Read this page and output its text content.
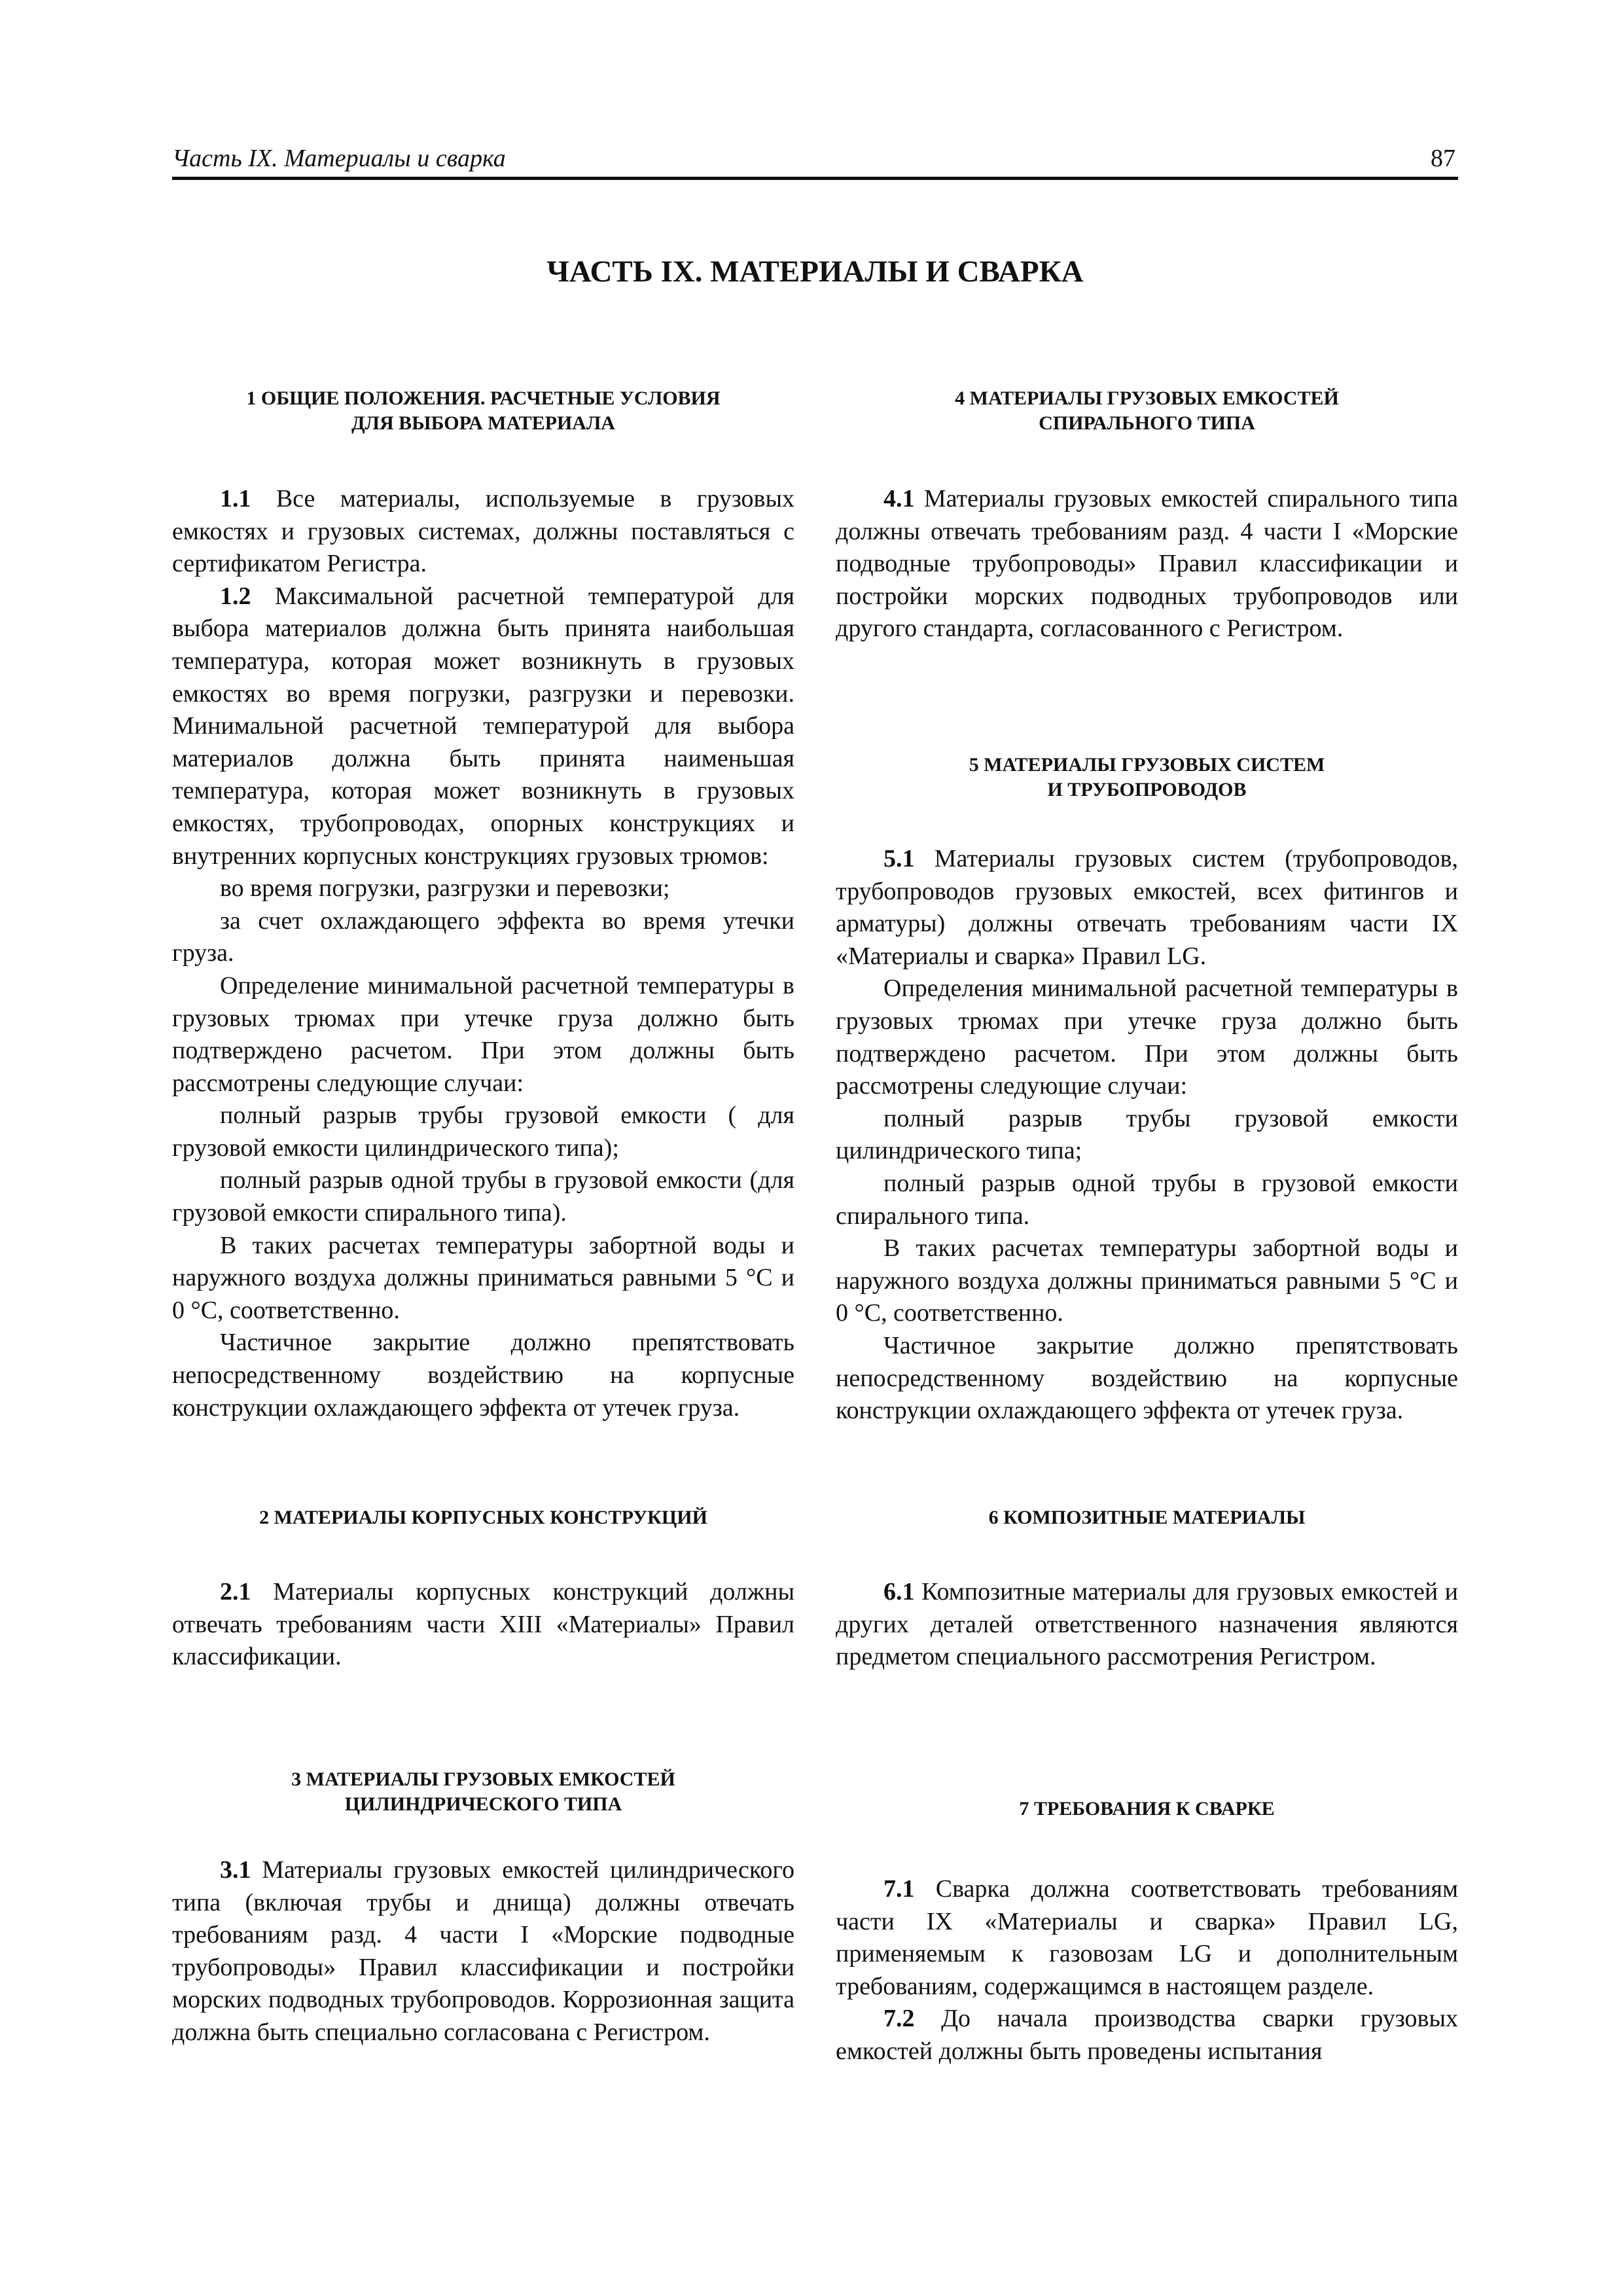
Часть IX. Материалы и сварка	87
ЧАСТЬ IX. МАТЕРИАЛЫ И СВАРКА
1 ОБЩИЕ ПОЛОЖЕНИЯ. РАСЧЕТНЫЕ УСЛОВИЯ
ДЛЯ ВЫБОРА МАТЕРИАЛА

1.1 Все материалы, используемые в грузовых емкостях и грузовых системах, должны поставляться с сертификатом Регистра.

1.2 Максимальной расчетной температурой для выбора материалов должна быть принята наибольшая температура, которая может возникнуть в грузовых емкостях во время погрузки, разгрузки и перевозки. Минимальной расчетной температурой для выбора материалов должна быть принята наименьшая температура, которая может возникнуть в грузовых емкостях, трубопроводах, опорных конструкциях и внутренних корпусных конструкциях грузовых трюмов:

во время погрузки, разгрузки и перевозки;

за счет охлаждающего эффекта во время утечки груза.

Определение минимальной расчетной температуры в грузовых трюмах при утечке груза должно быть подтверждено расчетом. При этом должны быть рассмотрены следующие случаи:

полный разрыв трубы грузовой емкости ( для грузовой емкости цилиндрического типа);

полный разрыв одной трубы в грузовой емкости (для грузовой емкости спирального типа).

В таких расчетах температуры забортной воды и наружного воздуха должны приниматься равными 5 °С и 0 °С, соответственно.

Частичное закрытие должно препятствовать непосредственному воздействию на корпусные конструкции охлаждающего эффекта от утечек груза.

2 МАТЕРИАЛЫ КОРПУСНЫХ КОНСТРУКЦИЙ

2.1 Материалы корпусных конструкций должны отвечать требованиям части XIII «Материалы» Правил классификации.

3 МАТЕРИАЛЫ ГРУЗОВЫХ ЕМКОСТЕЙ
ЦИЛИНДРИЧЕСКОГО ТИПА

3.1 Материалы грузовых емкостей цилиндрического типа (включая трубы и днища) должны отвечать требованиям разд. 4 части I «Морские подводные трубопроводы» Правил классификации и постройки морских подводных трубопроводов. Коррозионная защита должна быть специально согласована с Регистром.

4 МАТЕРИАЛЫ ГРУЗОВЫХ ЕМКОСТЕЙ
СПИРАЛЬНОГО ТИПА

4.1 Материалы грузовых емкостей спирального типа должны отвечать требованиям разд. 4 части I «Морские подводные трубопроводы» Правил классификации и постройки морских подводных трубопроводов или другого стандарта, согласованного с Регистром.

5 МАТЕРИАЛЫ ГРУЗОВЫХ СИСТЕМ
И ТРУБОПРОВОДОВ

5.1 Материалы грузовых систем (трубопроводов, трубопроводов грузовых емкостей, всех фитингов и арматуры) должны отвечать требованиям части IX «Материалы и сварка» Правил LG.

Определения минимальной расчетной температуры в грузовых трюмах при утечке груза должно быть подтверждено расчетом. При этом должны быть рассмотрены следующие случаи:

полный разрыв трубы грузовой емкости цилиндрического типа;

полный разрыв одной трубы в грузовой емкости спирального типа.

В таких расчетах температуры забортной воды и наружного воздуха должны приниматься равными 5 °С и 0 °С, соответственно.

Частичное закрытие должно препятствовать непосредственному воздействию на корпусные конструкции охлаждающего эффекта от утечек груза.

6 КОМПОЗИТНЫЕ МАТЕРИАЛЫ

6.1 Композитные материалы для грузовых емкостей и других деталей ответственного назначения являются предметом специального рассмотрения Регистром.

7 ТРЕБОВАНИЯ К СВАРКЕ

7.1 Сварка должна соответствовать требованиям части IX «Материалы и сварка» Правил LG, применяемым к газовозам LG и дополнительным требованиям, содержащимся в настоящем разделе.

7.2 До начала производства сварки грузовых емкостей должны быть проведены испытания
